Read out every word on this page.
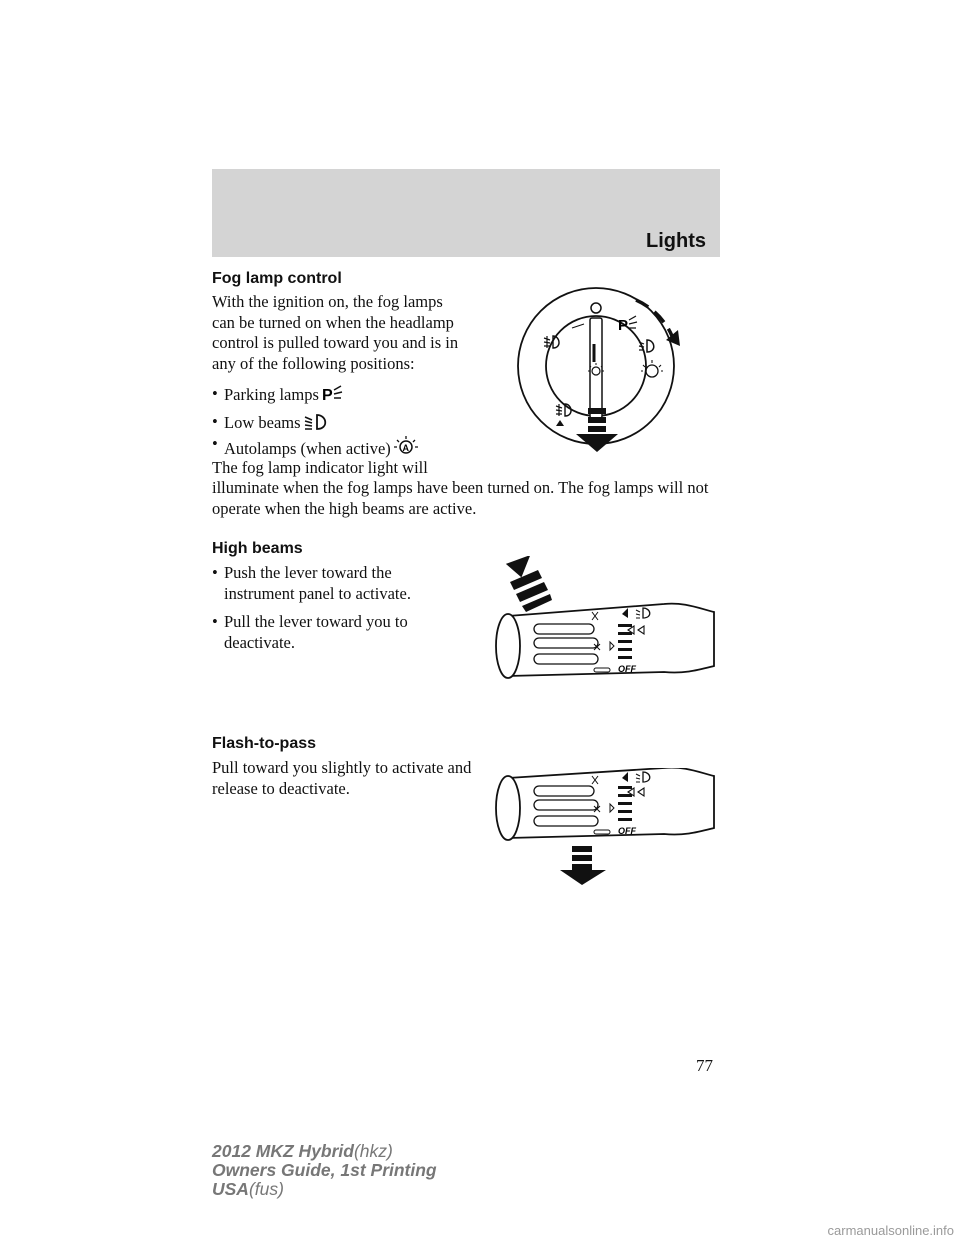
Lights
Fog lamp control
With the ignition on, the fog lamps can be turned on when the headlamp control is pulled toward you and is in any of the following positions:
• Parking lamps P
• Low beams
• Autolamps (when active) A
The fog lamp indicator light will
illuminate when the fog lamps have been turned on. The fog lamps will not operate when the high beams are active.
P
High beams
• Push the lever toward the instrument panel to activate.
• Pull the lever toward you to deactivate.
OFF
Flash-to-pass
Pull toward you slightly to activate and release to deactivate.
OFF
77
2012 MKZ Hybrid(hkz)
Owners Guide, 1st Printing
USA(fus)
carmanualsonline.info
